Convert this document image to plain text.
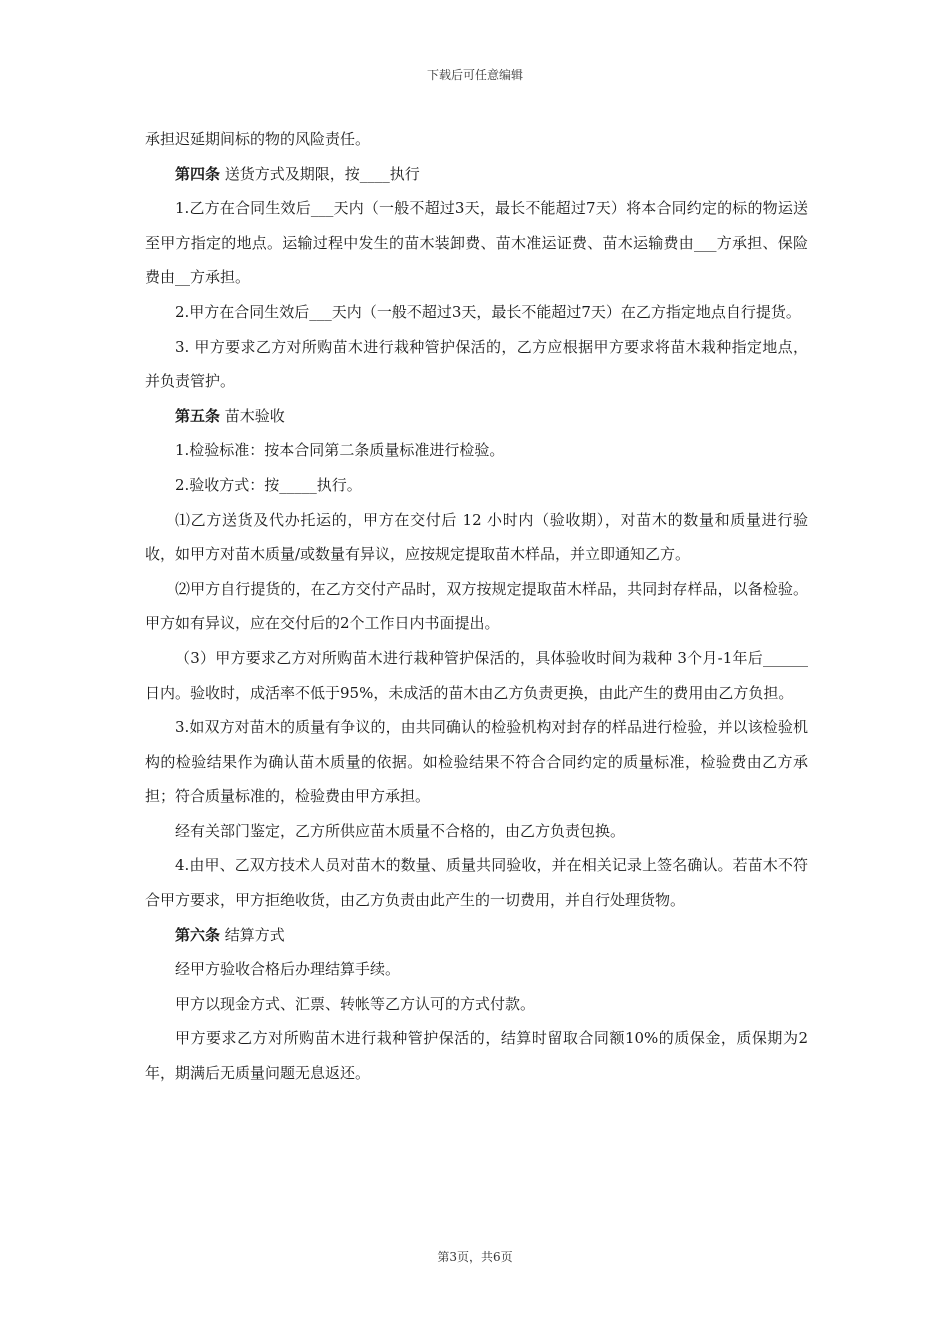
下载后可任意编辑

承担迟延期间标的物的风险责任。

第四条 送货方式及期限，按____执行

1.乙方在合同生效后___天内（一般不超过3天，最长不能超过7天）将本合同约定的标的物运送至甲方指定的地点。运输过程中发生的苗木装卸费、苗木准运证费、苗木运输费由___方承担、保险费由__方承担。

2.甲方在合同生效后___天内（一般不超过3天，最长不能超过7天）在乙方指定地点自行提货。

3. 甲方要求乙方对所购苗木进行栽种管护保活的，乙方应根据甲方要求将苗木栽种指定地点，并负责管护。

第五条 苗木验收

1.检验标准：按本合同第二条质量标准进行检验。

2.验收方式：按_____执行。

⑴乙方送货及代办托运的，甲方在交付后 12 小时内（验收期），对苗木的数量和质量进行验收，如甲方对苗木质量/或数量有异议，应按规定提取苗木样品，并立即通知乙方。

⑵甲方自行提货的，在乙方交付产品时，双方按规定提取苗木样品，共同封存样品，以备检验。甲方如有异议，应在交付后的2个工作日内书面提出。

（3）甲方要求乙方对所购苗木进行栽种管护保活的，具体验收时间为栽种 3个月-1年后______日内。验收时，成活率不低于95%，未成活的苗木由乙方负责更换，由此产生的费用由乙方负担。

3.如双方对苗木的质量有争议的，由共同确认的检验机构对封存的样品进行检验，并以该检验机构的检验结果作为确认苗木质量的依据。如检验结果不符合合同约定的质量标准，检验费由乙方承担；符合质量标准的，检验费由甲方承担。

经有关部门鉴定，乙方所供应苗木质量不合格的，由乙方负责包换。

4.由甲、乙双方技术人员对苗木的数量、质量共同验收，并在相关记录上签名确认。若苗木不符合甲方要求，甲方拒绝收货，由乙方负责由此产生的一切费用，并自行处理货物。

第六条 结算方式

经甲方验收合格后办理结算手续。

甲方以现金方式、汇票、转帐等乙方认可的方式付款。

甲方要求乙方对所购苗木进行栽种管护保活的，结算时留取合同额10%的质保金，质保期为2年，期满后无质量问题无息返还。

第3页，共6页
